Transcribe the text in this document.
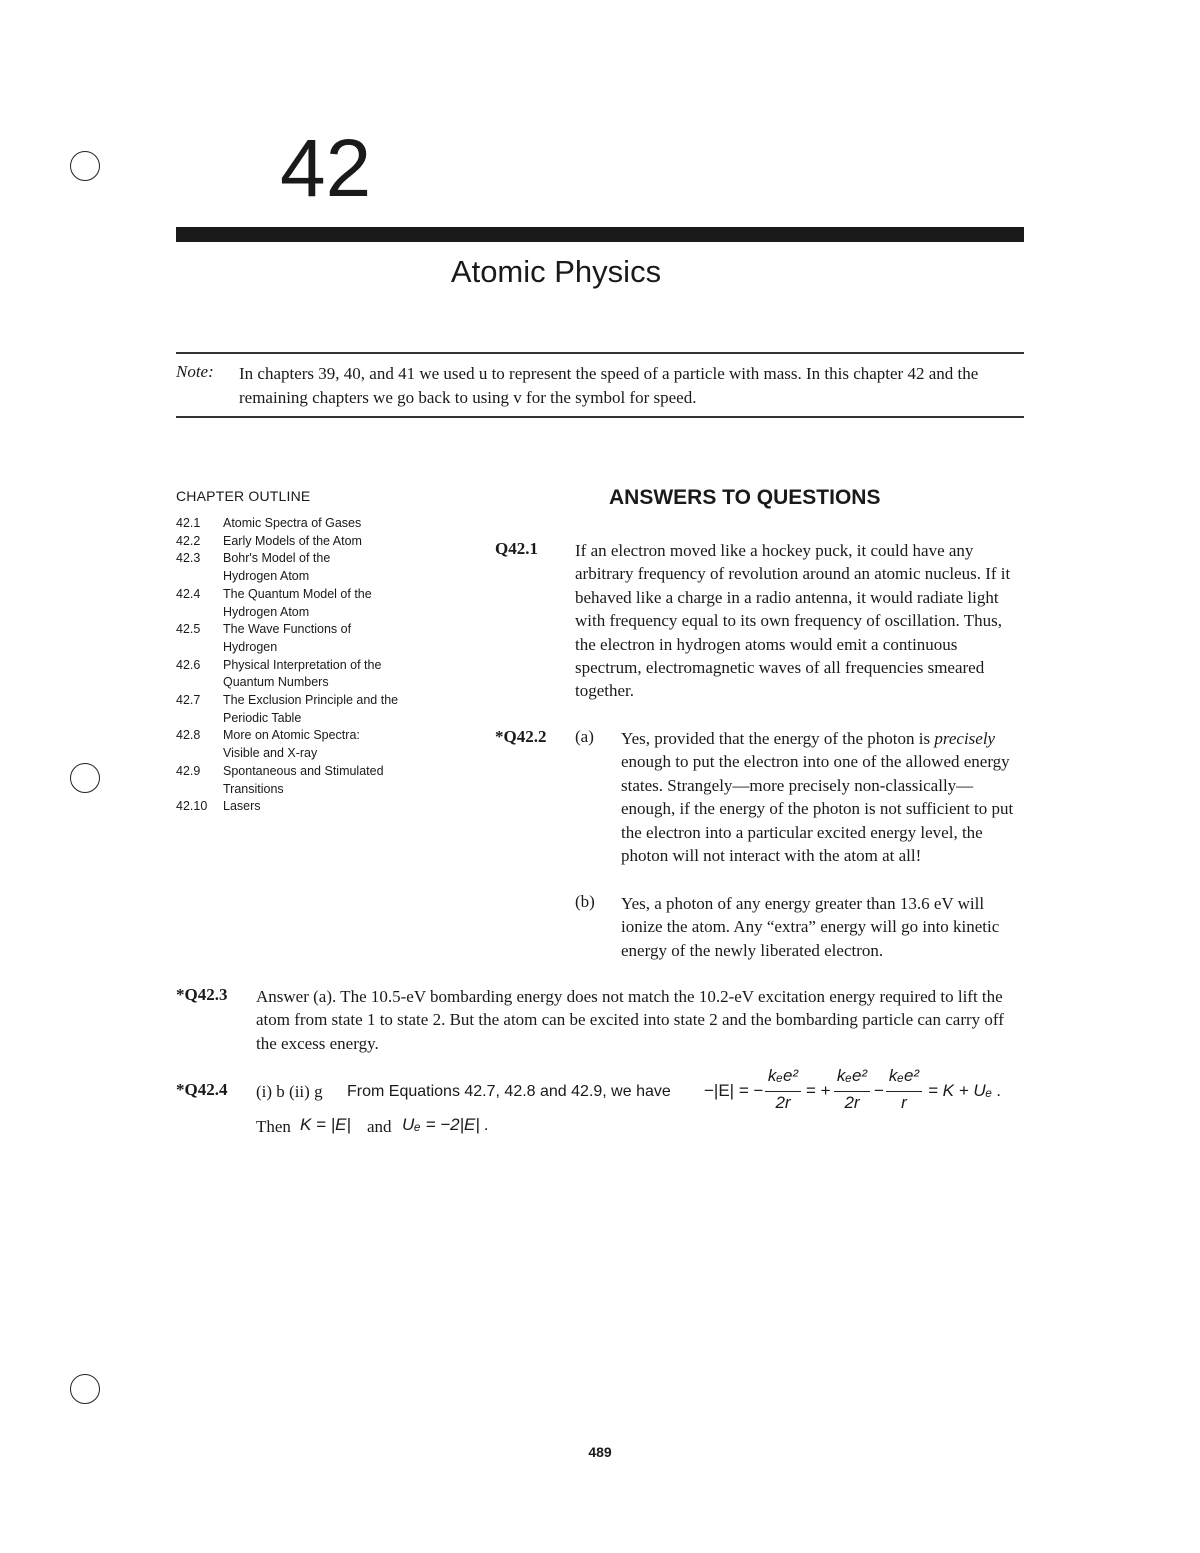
42
Atomic Physics
Note: In chapters 39, 40, and 41 we used u to represent the speed of a particle with mass. In this chapter 42 and the remaining chapters we go back to using v for the symbol for speed.
CHAPTER OUTLINE
42.1	Atomic Spectra of Gases
42.2	Early Models of the Atom
42.3	Bohr's Model of the Hydrogen Atom
42.4	The Quantum Model of the Hydrogen Atom
42.5	The Wave Functions of Hydrogen
42.6	Physical Interpretation of the Quantum Numbers
42.7	The Exclusion Principle and the Periodic Table
42.8	More on Atomic Spectra: Visible and X-ray
42.9	Spontaneous and Stimulated Transitions
42.10	Lasers
ANSWERS TO QUESTIONS
Q42.1 If an electron moved like a hockey puck, it could have any arbitrary frequency of revolution around an atomic nucleus. If it behaved like a charge in a radio antenna, it would radiate light with frequency equal to its own frequency of oscillation. Thus, the electron in hydrogen atoms would emit a continuous spectrum, electromagnetic waves of all frequencies smeared together.
*Q42.2 (a) Yes, provided that the energy of the photon is precisely enough to put the electron into one of the allowed energy states. Strangely—more precisely non-classically—enough, if the energy of the photon is not sufficient to put the electron into a particular excited energy level, the photon will not interact with the atom at all!
(b) Yes, a photon of any energy greater than 13.6 eV will ionize the atom. Any “extra” energy will go into kinetic energy of the newly liberated electron.
*Q42.3 Answer (a). The 10.5-eV bombarding energy does not match the 10.2-eV excitation energy required to lift the atom from state 1 to state 2. But the atom can be excited into state 2 and the bombarding particle can carry off the excess energy.
*Q42.4 (i) b (ii) g From Equations 42.7, 42.8 and 42.9, we have −|E| = −
kₑe²
2r
= +
kₑe²
2r
−
kₑe²
r
= K + Uₑ .
Then K = |E| and Uₑ = −2|E| .
489
